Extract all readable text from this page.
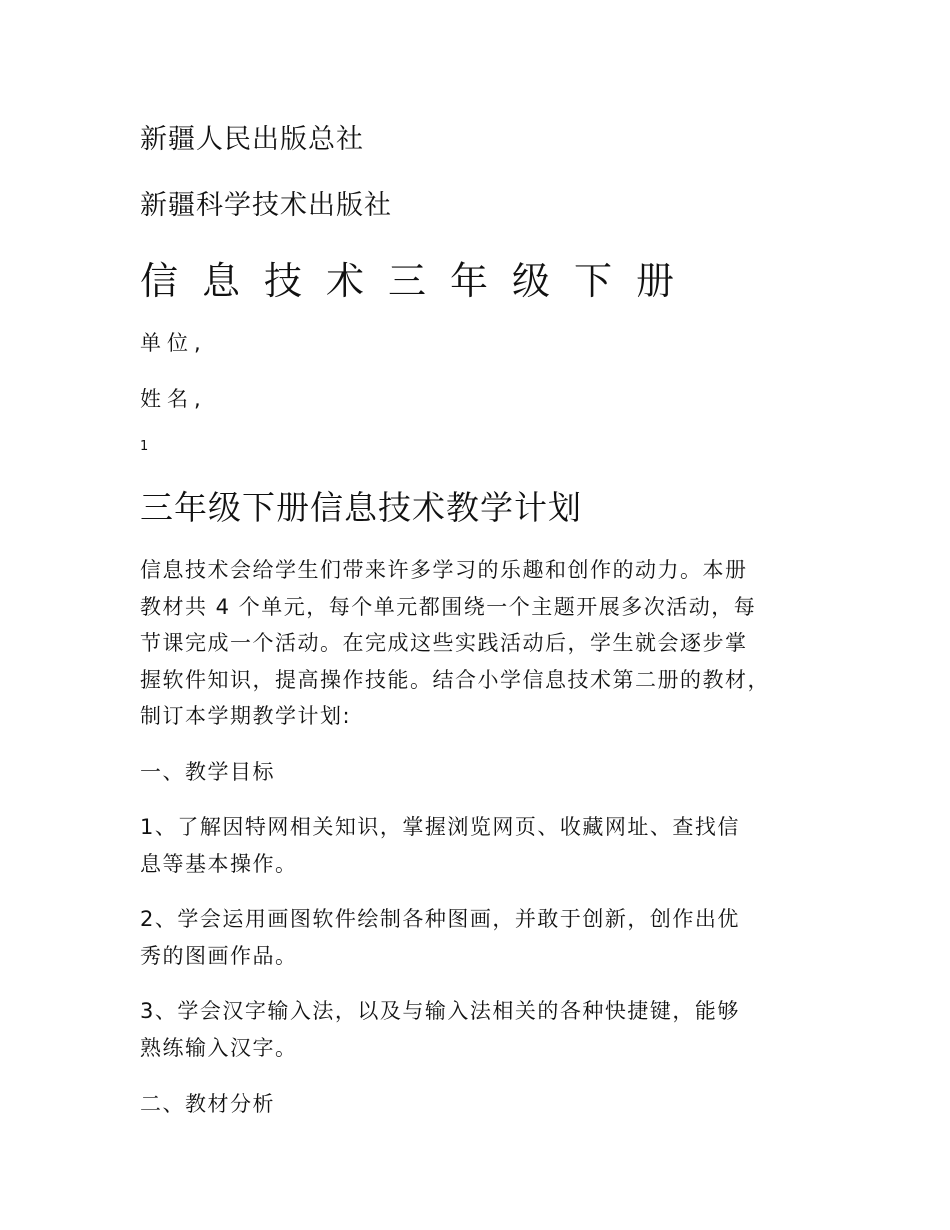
新疆人民出版总社
新疆科学技术出版社
信息技术三年级下册
单位,
姓名,
1
三年级下册信息技术教学计划
信息技术会给学生们带来许多学习的乐趣和创作的动力。本册
教材共 4 个单元，每个单元都围绕一个主题开展多次活动，每
节课完成一个活动。在完成这些实践活动后，学生就会逐步掌
握软件知识，提高操作技能。结合小学信息技术第二册的教材，
制订本学期教学计划:
一、教学目标
1、了解因特网相关知识，掌握浏览网页、收藏网址、查找信
息等基本操作。
2、学会运用画图软件绘制各种图画，并敢于创新，创作出优
秀的图画作品。
3、学会汉字输入法，以及与输入法相关的各种快捷键，能够
熟练输入汉字。
二、教材分析
